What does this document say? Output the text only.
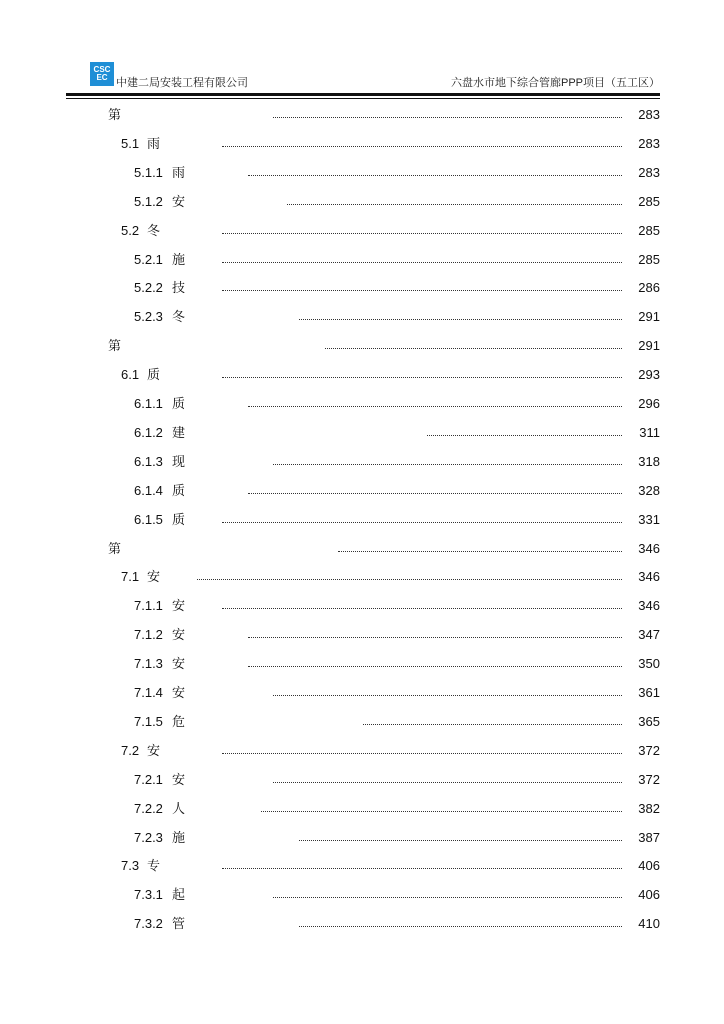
CSC
EC 中建二局安装工程有限公司	六盘水市地下综合管廊PPP项目（五工区）
第	283
5.1 雨	283
5.1.1 雨	283
5.1.2 安	285
5.2 冬	285
5.2.1 施	285
5.2.2 技	286
5.2.3 冬	291
第	291
6.1 质	293
6.1.1 质	296
6.1.2 建	311
6.1.3 现	318
6.1.4 质	328
6.1.5 质	331
第	346
7.1 安	346
7.1.1 安	346
7.1.2 安	347
7.1.3 安	350
7.1.4 安	361
7.1.5 危	365
7.2 安	372
7.2.1 安	372
7.2.2 人	382
7.2.3 施	387
7.3 专	406
7.3.1 起	406
7.3.2 管	410
